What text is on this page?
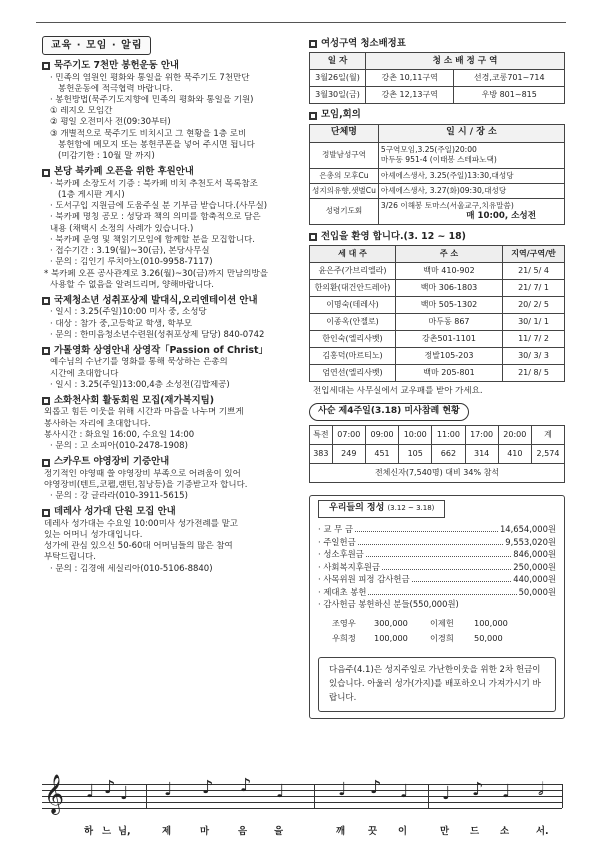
교육 · 모임 · 알림
묵주기도 7천만 봉헌운동 안내
· 민족의 염원인 평화와 통일을 위한 묵주기도 7천만단
봉헌운동에 적극협력 바랍니다.
· 봉헌방법(묵주기도지향에 민족의 평화와 통일을 기원)
① 레지오 모임간
② 평일 오전미사 전(09:30부터)
③ 개별적으로 묵주기도 비치시고 그 현황을 1층 로비
봉헌함에 메모지 또는 봉헌쿠폰을 넣어 주시면 됩니다
(미감기한 : 10월 말 까지)
본당 북카페 오픈을 위한 후원안내
· 북카페 소장도서 기증 : 북카페 비치 추천도서 목록참조
(1층 게시판 게시)
· 도서구입 지원금에 도움주실 분 기부금 받습니다.(사무실)
· 북카페 명칭 공모 : 성당과 책의 의미를 함축적으로 담은
내용 (채택시 소정의 사례가 있습니다.)
· 북카페 운영 및 책읽기모임에 함께할 분을 모집합니다.
· 접수기간 : 3.19(월)~30(금), 본당사무실
· 문의 : 김인기 루치아노(010-9958-7117)
* 북카페 오픈 공사관계로 3.26(월)~30(금)까지 만남의방을
사용할 수 없음을 알려드리며, 양해바랍니다.
국제청소년 성취포상제 발대식,오리엔테이션 안내
· 일시 : 3.25(주일)10:00 미사 중, 소성당
· 대상 : 참가 중,고등학교 학생, 학부모
· 문의 : 한미음청소년수련원(성취포상제 담당) 840-0742
가톨영화 상영안내 상영작「Passion of Christ」
예수님의 수난기를 영화를 통해 묵상하는 은총의
시간에 초대합니다
· 일시 : 3.25(주일)13:00,4층 소성전(김밥제공)
소화천사회 활동회원 모집(재가복지팀)
외롭고 힘든 이웃을 위해 시간과 마음을 나누며 기쁘게
봉사하는 자리에 초대합니다.
봉사시간 : 화요일 16:00, 수요일 14:00
· 문의 : 고 소피아(010-2478-1908)
스카우트 야영장비 기증안내
정기적인 야영때 쓸 야영장비 부족으로 어려움이 있어
야영장비(텐트,코펠,랜턴,침낭등)을 기증받고자 합니다.
· 문의 : 강 글라라(010-3911-5615)
데레사 성가대 단원 모집 안내
데레사 성가대는 수요일 10:00미사 성가전례를 맡고
있는 어머니 성가대입니다.
성가에 관심 있으신 50-60대 어머님들의 많은 참여
부탁드립니다.
· 문의 : 김경애 세실리아(010-5106-8840)
여성구역 청소배정표
일 자	청 소 배 정 구 역	
3월26일(월)	강촌 10,11구역	선경,코롱701~714
3월30일(금)	강촌 12,13구역	우방 801~815
모임,회의
단체명	일 시 / 장 소

정발남성구역	5구역모임,3.25(주일)20:00
마두동 951-4 (이태봉 스테파노댁)

은총의 모후Cu	아셰에스생사, 3.25(주일)13:30,대성당

성지의유향,샛별Cu	아셰에스생사, 3.27(화)09:30,대성당

성령기도회	3/26 이해봉 토마스(서울교구,치유말씀)
매 10:00, 소성전
전입을 환영 합니다.(3. 12 ~ 18)
세 대 주	주 소	지역/구역/반
윤은주(가브리엘라)	백마 410-902	21/ 5/ 4
한의환(대건안드레아)	백마 306-1803	21/ 7/ 1
이명숙(데레사)	백마 505-1302	20/ 2/ 5
이종옥(안젤로)	마두동 867	30/ 1/ 1
한인숙(엘리사벳)	강촌501-1101	11/ 7/ 2
김홍덕(마르티노)	정발105-203	30/ 3/ 3
엄연선(엘리사벳)	백마 205-801	21/ 8/ 5
전입세대는 사무실에서 교우패를 받아 가세요.
사순 제4주일(3.18) 미사참례 현황
특전	07:00	09:00	10:00	11:00	17:00	20:00	계
383	249	451	105	662	314	410	2,574
전체신자(7,540명) 대비 34% 참석							
우리들의 정성 (3.12 ~ 3.18)
· 교 무 금	14,654,000원
· 주일헌금	9,553,020원
· 성소후원금	846,000원
· 사회복지후원금	250,000원
· 사목위원 피정 감사헌금	440,000원
· 제대초 봉헌	50,000원
· 감사헌금 봉헌하신 분들(550,000원)
조영우	300,000	이제헌	100,000
우희정	100,000	이경희	50,000
다음주(4.1)은 성지주일로 가난한이웃을 위한 2차 헌금이 있습니다. 아울러 성가(가지)를 배포하오니 가져가시기 바랍니다.
𝄞 ♩ ♪ ♩ ♩ ♪ ♪ ♩	♩ ♪ ♩ ♩ ♪ ♩ 𝅗𝅥
하 느 님,	제	마	음	을	깨 끗 이	만 드 소	서.
